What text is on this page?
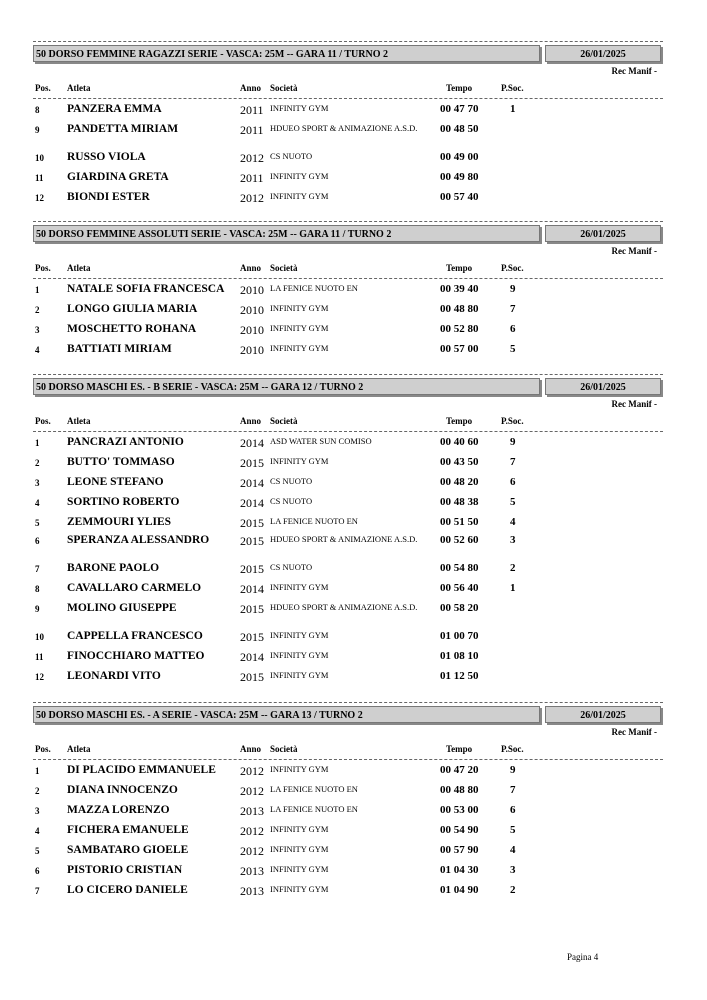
50 DORSO FEMMINE RAGAZZI SERIE - VASCA: 25M -- GARA 11 / TURNO 2	26/01/2025
Rec Manif -
Pos. Atleta	Anno Società	Tempo	P.Soc.
8 PANZERA EMMA	2011 INFINITY GYM	00 47 70	1
9 PANDETTA MIRIAM	2011 HDUEO SPORT & ANIMAZIONE A.S.D. 00 48 50
10 RUSSO VIOLA	2012 CS NUOTO	00 49 00
11 GIARDINA GRETA	2011 INFINITY GYM	00 49 80
12 BIONDI ESTER	2012 INFINITY GYM	00 57 40
50 DORSO FEMMINE ASSOLUTI SERIE - VASCA: 25M -- GARA 11 / TURNO 2	26/01/2025
Rec Manif -
Pos. Atleta	Anno Società	Tempo	P.Soc.
1 NATALE SOFIA FRANCESCA 2010 LA FENICE NUOTO EN	00 39 40	9
2 LONGO GIULIA MARIA	2010 INFINITY GYM	00 48 80	7
3 MOSCHETTO ROHANA	2010 INFINITY GYM	00 52 80	6
4 BATTIATI MIRIAM	2010 INFINITY GYM	00 57 00	5
50 DORSO MASCHI ES. - B SERIE - VASCA: 25M -- GARA 12 / TURNO 2	26/01/2025
Rec Manif -
Pos. Atleta	Anno Società	Tempo	P.Soc.
1 PANCRAZI ANTONIO	2014 ASD WATER SUN COMISO	00 40 60	9
2 BUTTO' TOMMASO	2015 INFINITY GYM	00 43 50	7
3 LEONE STEFANO	2014 CS NUOTO	00 48 20	6
4 SORTINO ROBERTO	2014 CS NUOTO	00 48 38	5
5 ZEMMOURI YLIES	2015 LA FENICE NUOTO EN	00 51 50	4
6 SPERANZA ALESSANDRO	2015 HDUEO SPORT & ANIMAZIONE A.S.D. 00 52 60	3
7 BARONE PAOLO	2015 CS NUOTO	00 54 80	2
8 CAVALLARO CARMELO	2014 INFINITY GYM	00 56 40	1
9 MOLINO GIUSEPPE	2015 HDUEO SPORT & ANIMAZIONE A.S.D. 00 58 20
10 CAPPELLA FRANCESCO	2015 INFINITY GYM	01 00 70
11 FINOCCHIARO MATTEO	2014 INFINITY GYM	01 08 10
12 LEONARDI VITO	2015 INFINITY GYM	01 12 50
50 DORSO MASCHI ES. - A SERIE - VASCA: 25M -- GARA 13 / TURNO 2	26/01/2025
Rec Manif -
Pos. Atleta	Anno Società	Tempo	P.Soc.
1 DI PLACIDO EMMANUELE 2012 INFINITY GYM	00 47 20	9
2 DIANA INNOCENZO	2012 LA FENICE NUOTO EN	00 48 80	7
3 MAZZA LORENZO	2013 LA FENICE NUOTO EN	00 53 00	6
4 FICHERA EMANUELE	2012 INFINITY GYM	00 54 90	5
5 SAMBATARO GIOELE	2012 INFINITY GYM	00 57 90	4
6 PISTORIO CRISTIAN	2013 INFINITY GYM	01 04 30	3
7 LO CICERO DANIELE	2013 INFINITY GYM	01 04 90	2
Pagina 4
